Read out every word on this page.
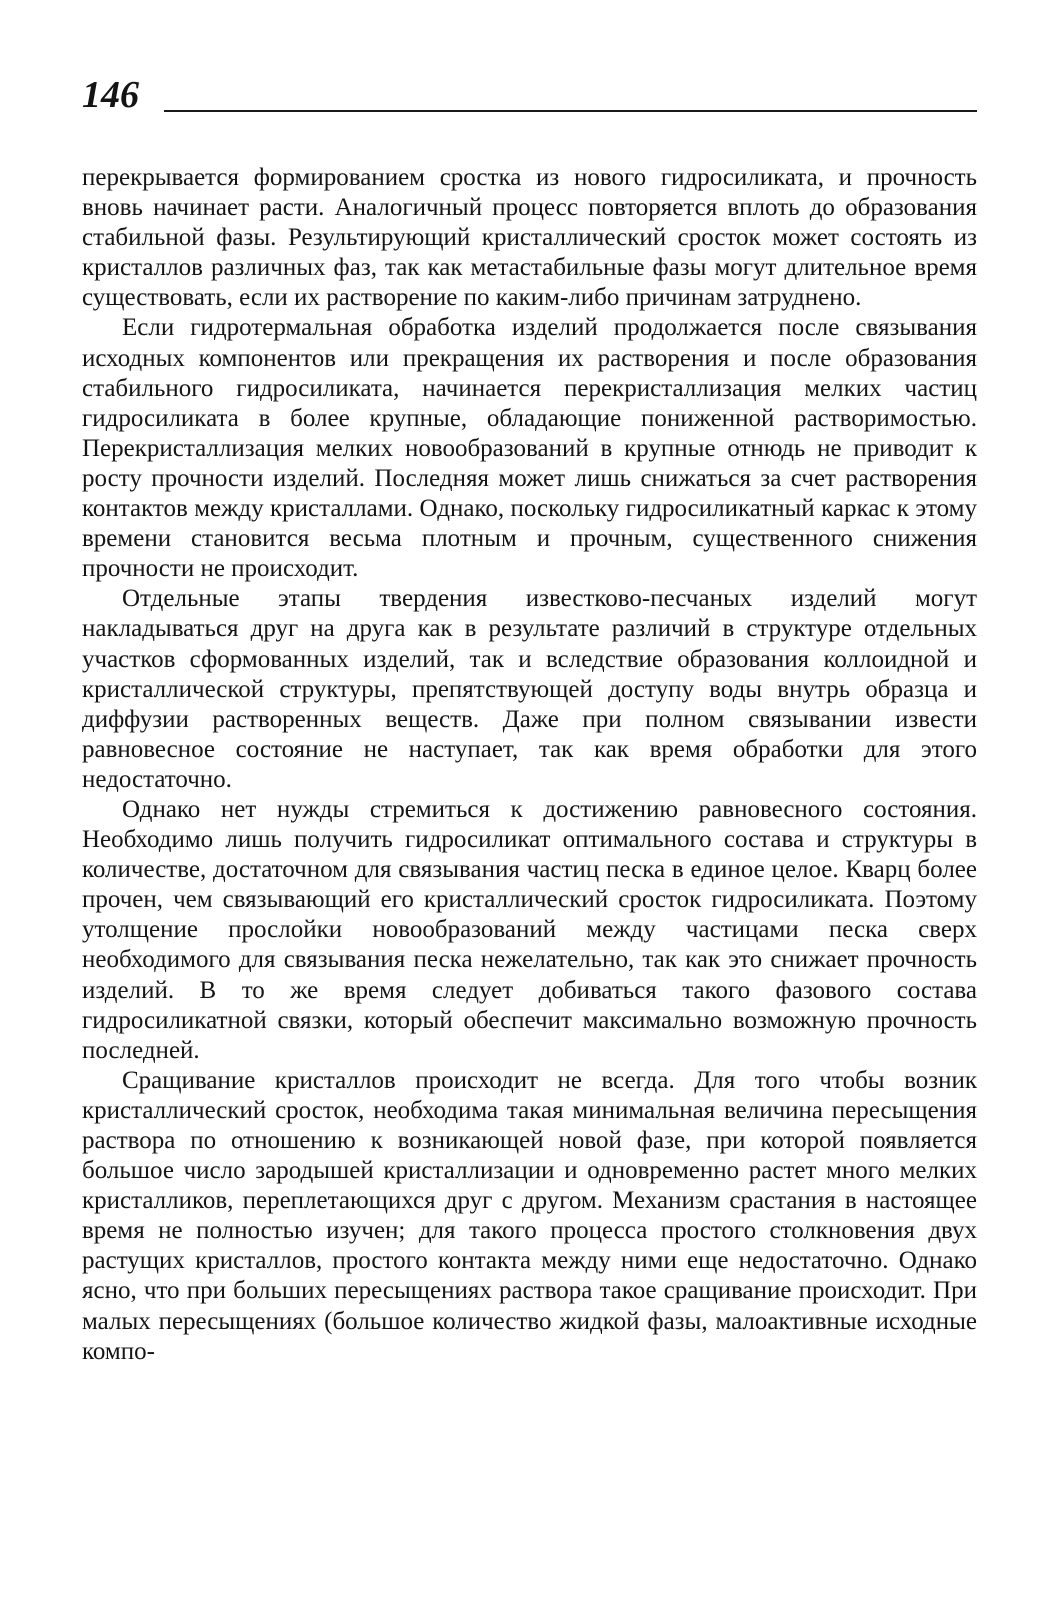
146

перекрывается формированием сростка из нового гидросиликата, и прочность вновь начинает расти. Аналогичный процесс повторяется вплоть до образования стабильной фазы. Результирующий кристаллический сросток может состоять из кристаллов различных фаз, так как метастабильные фазы могут длительное время существовать, если их растворение по каким-либо причинам затруднено.

Если гидротермальная обработка изделий продолжается после связывания исходных компонентов или прекращения их растворения и после образования стабильного гидросиликата, начинается перекристаллизация мелких частиц гидросиликата в более крупные, обладающие пониженной растворимостью. Перекристаллизация мелких новообразований в крупные отнюдь не приводит к росту прочности изделий. Последняя может лишь снижаться за счет растворения контактов между кристаллами. Однако, поскольку гидросиликатный каркас к этому времени становится весьма плотным и прочным, существенного снижения прочности не происходит.

Отдельные этапы твердения известково-песчаных изделий могут накладываться друг на друга как в результате различий в структуре отдельных участков сформованных изделий, так и вследствие образования коллоидной и кристаллической структуры, препятствующей доступу воды внутрь образца и диффузии растворенных веществ. Даже при полном связывании извести равновесное состояние не наступает, так как время обработки для этого недостаточно.

Однако нет нужды стремиться к достижению равновесного состояния. Необходимо лишь получить гидросиликат оптимального состава и структуры в количестве, достаточном для связывания частиц песка в единое целое. Кварц более прочен, чем связывающий его кристаллический сросток гидросиликата. Поэтому утолщение прослойки новообразований между частицами песка сверх необходимого для связывания песка нежелательно, так как это снижает прочность изделий. В то же время следует добиваться такого фазового состава гидросиликатной связки, который обеспечит максимально возможную прочность последней.

Сращивание кристаллов происходит не всегда. Для того чтобы возник кристаллический сросток, необходима такая минимальная величина пересыщения раствора по отношению к возникающей новой фазе, при которой появляется большое число зародышей кристаллизации и одновременно растет много мелких кристалликов, переплетающихся друг с другом. Механизм срастания в настоящее время не полностью изучен; для такого процесса простого столкновения двух растущих кристаллов, простого контакта между ними еще недостаточно. Однако ясно, что при больших пересыщениях раствора такое сращивание происходит. При малых пересыщениях (большое количество жидкой фазы, малоактивные исходные компо-
